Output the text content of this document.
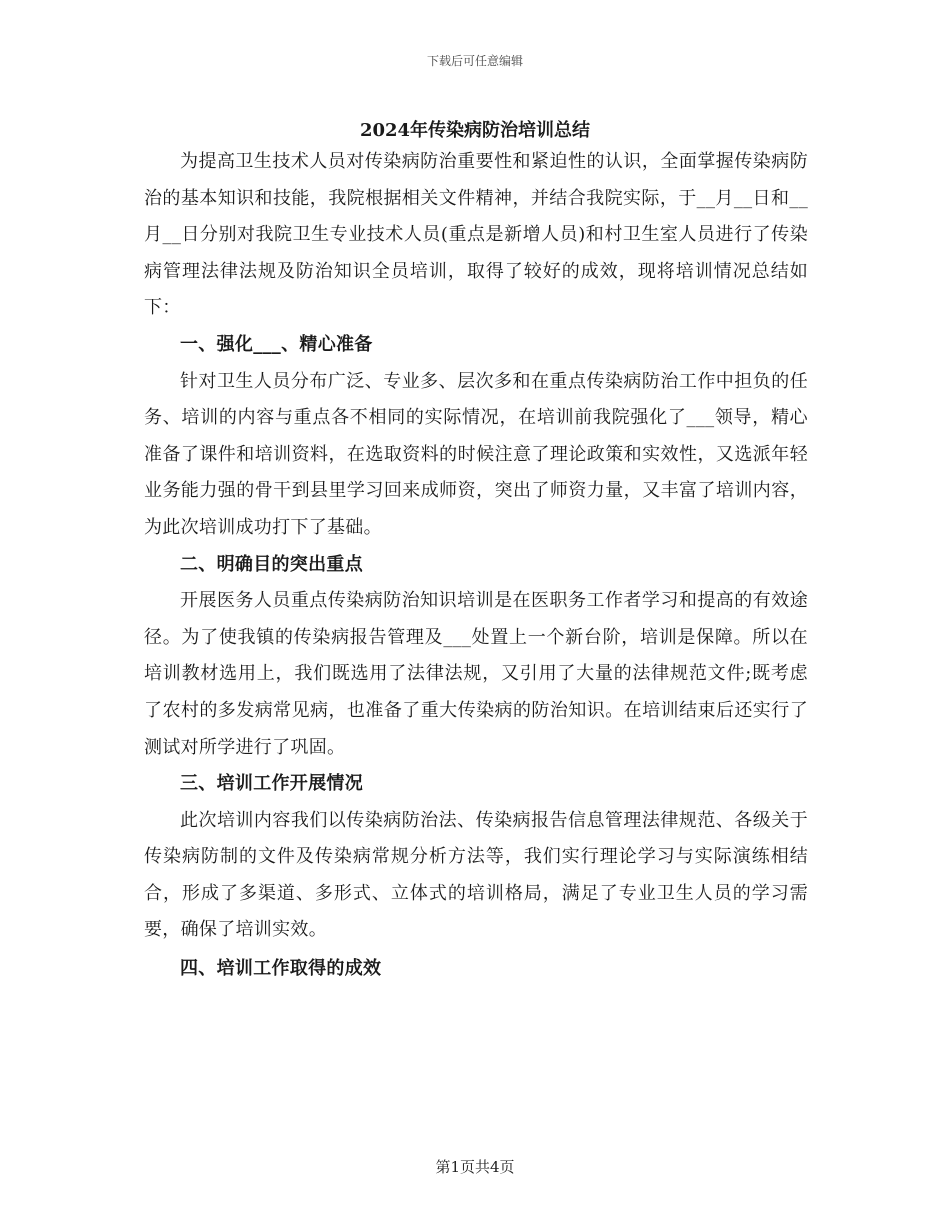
下载后可任意编辑
2024年传染病防治培训总结

为提高卫生技术人员对传染病防治重要性和紧迫性的认识，全面掌握传染病防治的基本知识和技能，我院根据相关文件精神，并结合我院实际，于__月__日和__月__日分别对我院卫生专业技术人员(重点是新增人员)和村卫生室人员进行了传染病管理法律法规及防治知识全员培训，取得了较好的成效，现将培训情况总结如下：

一、强化___、精心准备

针对卫生人员分布广泛、专业多、层次多和在重点传染病防治工作中担负的任务、培训的内容与重点各不相同的实际情况，在培训前我院强化了___领导，精心准备了课件和培训资料，在选取资料的时候注意了理论政策和实效性，又选派年轻业务能力强的骨干到县里学习回来成师资，突出了师资力量，又丰富了培训内容，为此次培训成功打下了基础。

二、明确目的突出重点

开展医务人员重点传染病防治知识培训是在医职务工作者学习和提高的有效途径。为了使我镇的传染病报告管理及___处置上一个新台阶，培训是保障。所以在培训教材选用上，我们既选用了法律法规，又引用了大量的法律规范文件;既考虑了农村的多发病常见病，也准备了重大传染病的防治知识。在培训结束后还实行了测试对所学进行了巩固。

三、培训工作开展情况

此次培训内容我们以传染病防治法、传染病报告信息管理法律规范、各级关于传染病防制的文件及传染病常规分析方法等，我们实行理论学习与实际演练相结合，形成了多渠道、多形式、立体式的培训格局，满足了专业卫生人员的学习需要，确保了培训实效。

四、培训工作取得的成效

第1页共4页
